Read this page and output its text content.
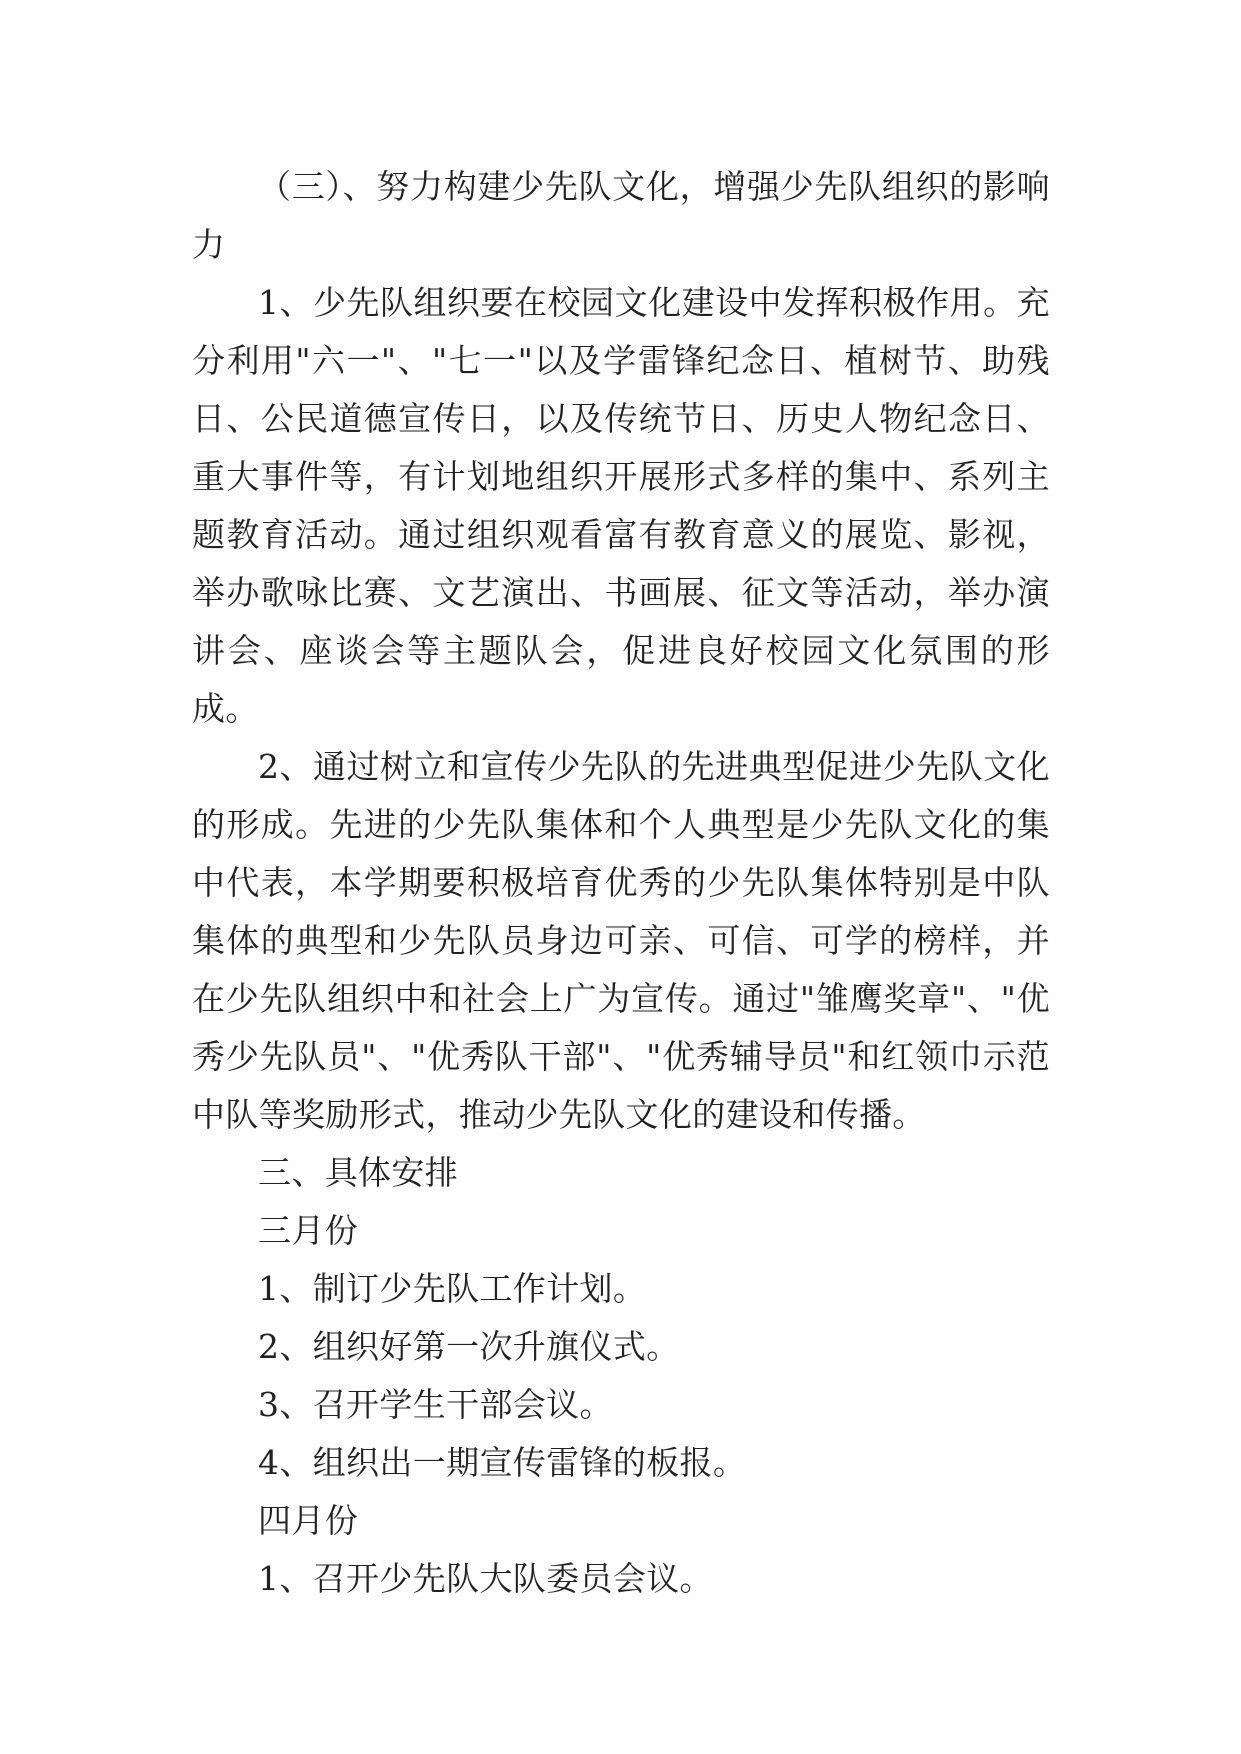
（三）、努力构建少先队文化，增强少先队组织的影响力

1、少先队组织要在校园文化建设中发挥积极作用。充分利用"六一"、"七一"以及学雷锋纪念日、植树节、助残日、公民道德宣传日，以及传统节日、历史人物纪念日、重大事件等，有计划地组织开展形式多样的集中、系列主题教育活动。通过组织观看富有教育意义的展览、影视，举办歌咏比赛、文艺演出、书画展、征文等活动，举办演讲会、座谈会等主题队会，促进良好校园文化氛围的形成。

2、通过树立和宣传少先队的先进典型促进少先队文化的形成。先进的少先队集体和个人典型是少先队文化的集中代表，本学期要积极培育优秀的少先队集体特别是中队集体的典型和少先队员身边可亲、可信、可学的榜样，并在少先队组织中和社会上广为宣传。通过"雏鹰奖章"、"优秀少先队员"、"优秀队干部"、"优秀辅导员"和红领巾示范中队等奖励形式，推动少先队文化的建设和传播。

三、具体安排

三月份

1、制订少先队工作计划。

2、组织好第一次升旗仪式。

3、召开学生干部会议。

4、组织出一期宣传雷锋的板报。

四月份

1、召开少先队大队委员会议。
